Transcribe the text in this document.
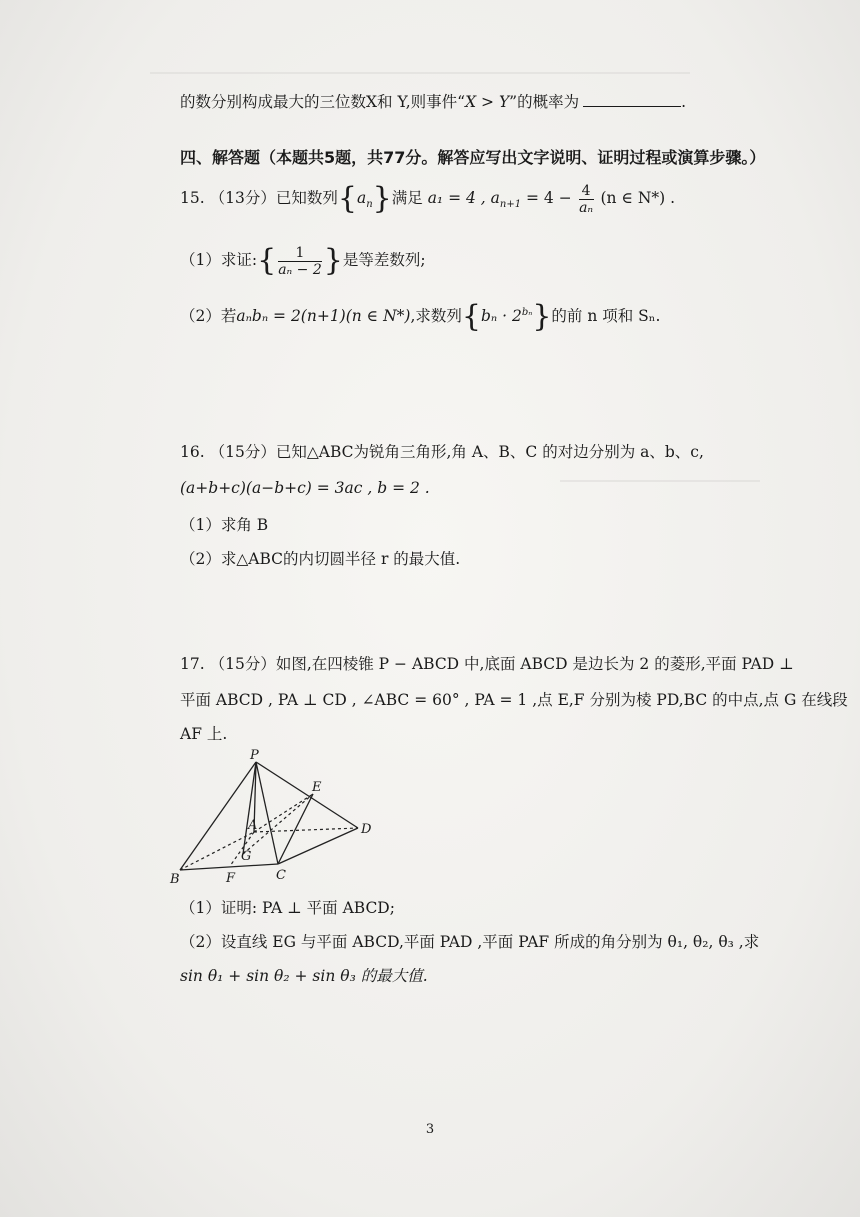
的数分别构成最大的三位数X和 Y,则事件“X > Y”的概率为	.
四、解答题（本题共5题，共77分。解答应写出文字说明、证明过程或演算步骤。）
15. （13分）已知数列$\{a_n\}$满足 a₁ = 4 , $a_{n+1} = 4 - \frac{4}{\text{aₙ}} (n$ ∈ N*) .
（1）求证:{ $\frac{1}{\text{aₙ − 2}}$ }是等差数列;
（2）若aₙbₙ = 2(n+1)(n ∈ N*),求数列$\{b_n \cdot 2^{b_n}\}$的前 n 项和 Sₙ.
16. （15分）已知△ABC为锐角三角形,角 A、B、C 的对边分别为 a、b、c,
(a+b+c)(a−b+c) = 3ac , b = 2 .
（1）求角 B
（2）求△ABC的内切圆半径 r 的最大值.
17. （15分）如图,在四棱锥 P − ABCD 中,底面 ABCD 是边长为 2 的菱形,平面 PAD ⊥
平面 ABCD , PA ⊥ CD , ∠ABC = 60° , PA = 1 ,点 E,F 分别为棱 PD,BC 的中点,点 G 在线段
AF 上.
P
E
A	D
G
B	F	C
（1）证明: PA ⊥ 平面 ABCD;
（2）设直线 EG 与平面 ABCD,平面 PAD ,平面 PAF 所成的角分别为 θ₁, θ₂, θ₃ ,求
sin θ₁ + sin θ₂ + sin θ₃ 的最大值.
3
